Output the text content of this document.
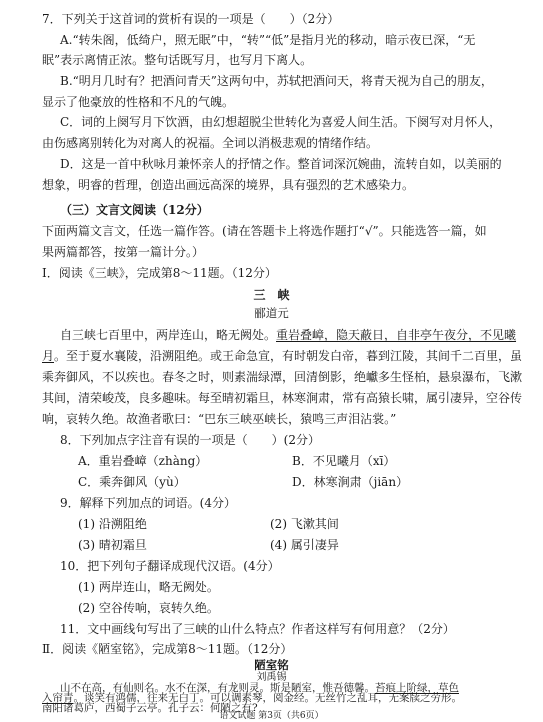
7．下列关于这首词的赏析有误的一项是（　　）（2分）
A.“转朱阁，低绮户，照无眠”中，“转”“低”是指月光的移动，暗示夜已深，“无
眠”表示离情正浓。整句话既写月，也写月下离人。
B.“明月几时有？把酒问青天”这两句中，苏轼把酒问天，将青天视为自己的朋友，
显示了他豪放的性格和不凡的气魄。
C．词的上阕写月下饮酒，由幻想超脱尘世转化为喜爱人间生活。下阕写对月怀人，
由伤感离别转化为对离人的祝福。全词以消极悲观的情绪作结。
D．这是一首中秋咏月兼怀亲人的抒情之作。整首词深沉婉曲，流转自如，以美丽的
想象，明睿的哲理，创造出画远高深的境界，具有强烈的艺术感染力。
（三）文言文阅读（12分）
下面两篇文言文，任选一篇作答。(请在答题卡上将选作题打“√”。只能选答一篇，如
果两篇都答，按第一篇计分。）
Ⅰ．阅读《三峡》，完成第8～11题。（12分）
三　峡
郦道元
自三峡七百里中，两岸连山，略无阙处。重岩叠嶂，隐天蔽日，自非亭午夜分，不见曦
月。至于夏水襄陵，沿溯阻绝。或王命急宣，有时朝发白帝，暮到江陵，其间千二百里，虽
乘奔御风，不以疾也。春冬之时，则素湍绿潭，回清倒影，绝巘多生怪柏，悬泉瀑布，飞漱
其间，清荣峻茂，良多趣味。每至晴初霜旦，林寒涧肃，常有高猿长啸，属引凄异，空谷传
响，哀转久绝。故渔者歌曰：“巴东三峡巫峡长，猿鸣三声泪沾裳。”
8．下列加点字注音有误的一项是（　　）(2分）
A．重岩叠嶂（zhàng）	B．不见曦月（xī）
C．乘奔御风（yù）	D．林寒涧肃（jiān）
9．解释下列加点的词语。(4分）
(1) 沿溯阻绝	(2) 飞漱其间
(3) 晴初霜旦	(4) 属引凄异
10．把下列句子翻译成现代汉语。(4分）
(1) 两岸连山，略无阙处。
(2) 空谷传响，哀转久绝。
11．文中画线句写出了三峡的山什么特点？作者这样写有何用意？（2分）
Ⅱ．阅读《陋室铭》，完成第8～11题。（12分）
陋室铭
刘禹锡
山不在高，有仙则名。水不在深，有龙则灵。斯是陋室，惟吾德馨。苔痕上阶绿，草色
入帘青。谈笑有鸿儒，往来无白丁。可以调素琴，阅金经。无丝竹之乱耳，无案牍之劳形。
南阳诸葛庐，西蜀子云亭。孔子云：何陋之有?
语文试题 第3页（共6页）
